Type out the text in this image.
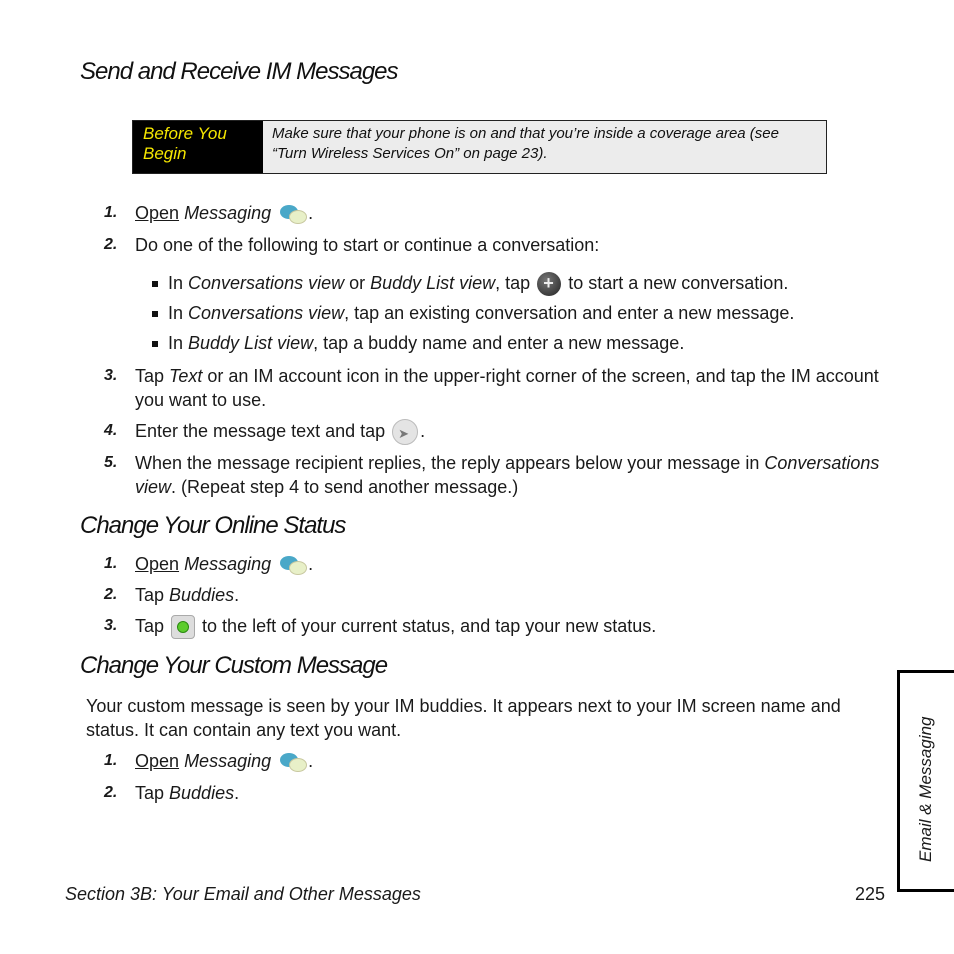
Send and Receive IM Messages
Before You Begin
Make sure that your phone is on and that you’re inside a coverage area (see “Turn Wireless Services On” on page 23).
1. Open Messaging .
2. Do one of the following to start or continue a conversation:
In Conversations view or Buddy List view, tap + to start a new conversation.
In Conversations view, tap an existing conversation and enter a new message.
In Buddy List view, tap a buddy name and enter a new message.
3. Tap Text or an IM account icon in the upper-right corner of the screen, and tap the IM account you want to use.
4. Enter the message text and tap ➤ .
5. When the message recipient replies, the reply appears below your message in Conversations view. (Repeat step 4 to send another message.)
Change Your Online Status
1. Open Messaging .
2. Tap Buddies.
3. Tap  to the left of your current status, and tap your new status.
Change Your Custom Message
Your custom message is seen by your IM buddies. It appears next to your IM screen name and status. It can contain any text you want.
1. Open Messaging .
2. Tap Buddies.	Email & Messaging
Section 3B: Your Email and Other Messages	225
